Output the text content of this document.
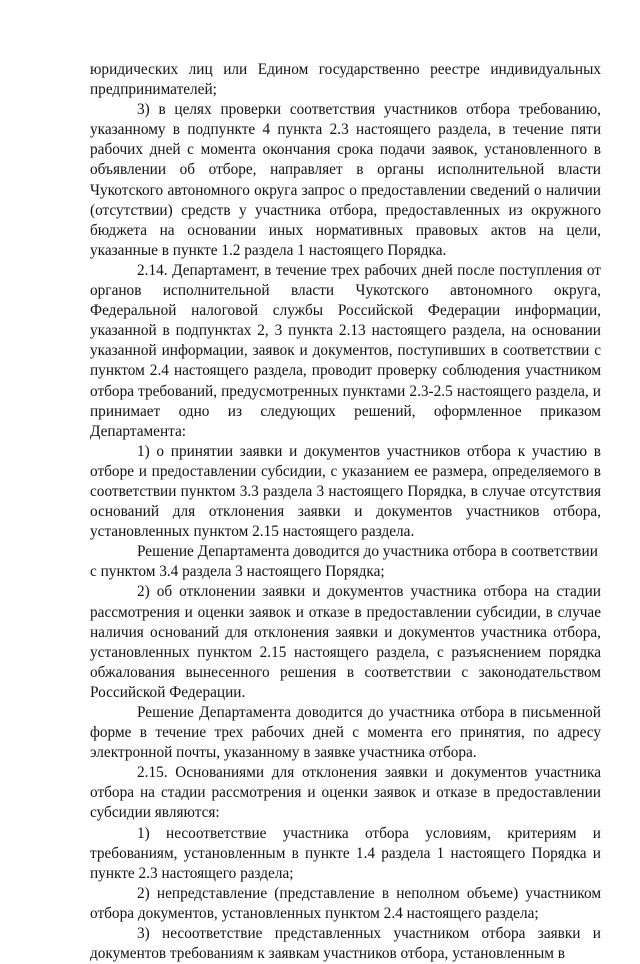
юридических лиц или Едином государственно реестре индивидуальных предпринимателей;

3) в целях проверки соответствия участников отбора требованию, указанному в подпункте 4 пункта 2.3 настоящего раздела, в течение пяти рабочих дней с момента окончания срока подачи заявок, установленного в объявлении об отборе, направляет в органы исполнительной власти Чукотского автономного округа запрос о предоставлении сведений о наличии (отсутствии) средств у участника отбора, предоставленных из окружного бюджета на основании иных нормативных правовых актов на цели, указанные в пункте 1.2 раздела 1 настоящего Порядка.

2.14. Департамент, в течение трех рабочих дней после поступления от органов исполнительной власти Чукотского автономного округа, Федеральной налоговой службы Российской Федерации информации, указанной в подпунктах 2, 3 пункта 2.13 настоящего раздела, на основании указанной информации, заявок и документов, поступивших в соответствии с пунктом 2.4 настоящего раздела, проводит проверку соблюдения участником отбора требований, предусмотренных пунктами 2.3-2.5 настоящего раздела, и принимает одно из следующих решений, оформленное приказом Департамента:

1) о принятии заявки и документов участников отбора к участию в отборе и предоставлении субсидии, с указанием ее размера, определяемого в соответствии пунктом 3.3 раздела 3 настоящего Порядка, в случае отсутствия оснований для отклонения заявки и документов участников отбора, установленных пунктом 2.15 настоящего раздела.

Решение Департамента доводится до участника отбора в соответствии с пунктом 3.4 раздела 3 настоящего Порядка;

2) об отклонении заявки и документов участника отбора на стадии рассмотрения и оценки заявок и отказе в предоставлении субсидии, в случае наличия оснований для отклонения заявки и документов участника отбора, установленных пунктом 2.15 настоящего раздела, с разъяснением порядка обжалования вынесенного решения в соответствии с законодательством Российской Федерации.

Решение Департамента доводится до участника отбора в письменной форме в течение трех рабочих дней с момента его принятия, по адресу электронной почты, указанному в заявке участника отбора.

2.15. Основаниями для отклонения заявки и документов участника отбора на стадии рассмотрения и оценки заявок и отказе в предоставлении субсидии являются:

1) несоответствие участника отбора условиям, критериям и требованиям, установленным в пункте 1.4 раздела 1 настоящего Порядка и пункте 2.3 настоящего раздела;

2) непредставление (представление в неполном объеме) участником отбора документов, установленных пунктом 2.4 настоящего раздела;

3) несоответствие представленных участником отбора заявки и документов требованиям к заявкам участников отбора, установленным в
